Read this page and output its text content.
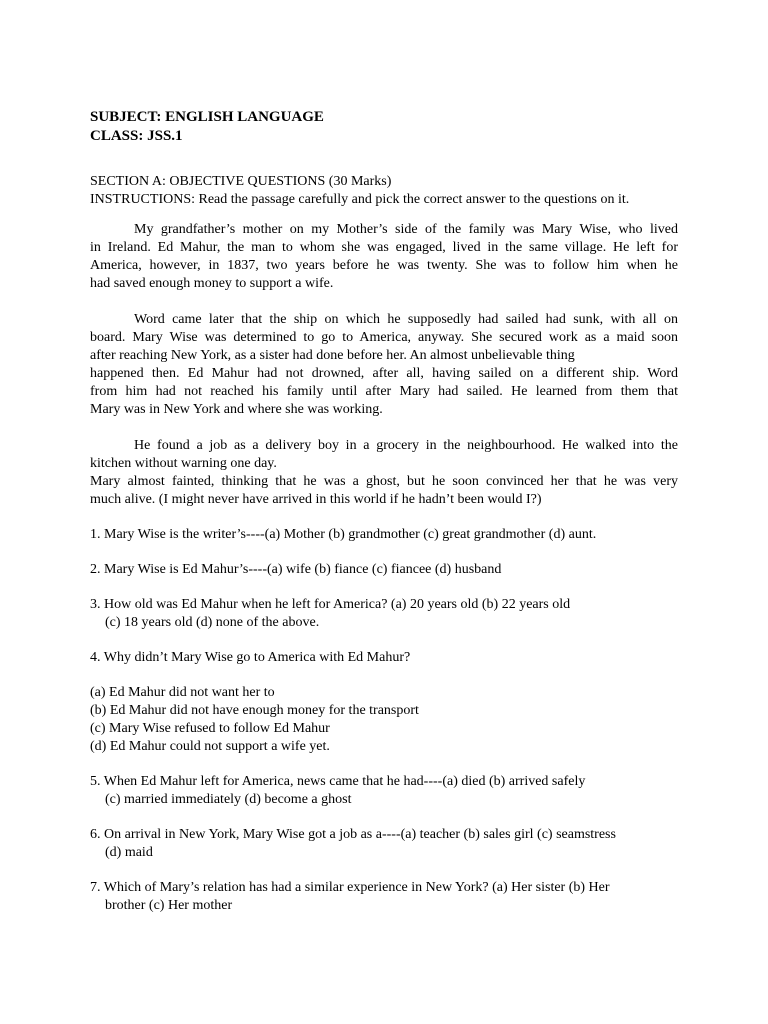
SUBJECT: ENGLISH LANGUAGE
CLASS: JSS.1
SECTION A: OBJECTIVE QUESTIONS (30 Marks)
INSTRUCTIONS: Read the passage carefully and pick the correct answer to the questions on it.
My grandfather’s mother on my Mother’s side of the family was Mary Wise, who lived
in Ireland. Ed Mahur, the man to whom she was engaged, lived in the same village. He left for
America, however, in 1837, two years before he was twenty. She was to follow him when he
had saved enough money to support a wife.
Word came later that the ship on which he supposedly had sailed had sunk, with all on
board. Mary Wise was determined to go to America, anyway. She secured work as a maid soon
after reaching New York, as a sister had done before her. An almost unbelievable thing
happened then. Ed Mahur had not drowned, after all, having sailed on a different ship. Word
from him had not reached his family until after Mary had sailed. He learned from them that
Mary was in New York and where she was working.
He found a job as a delivery boy in a grocery in the neighbourhood. He walked into the
kitchen without warning one day.
Mary almost fainted, thinking that he was a ghost, but he soon convinced her that he was very
much alive. (I might never have arrived in this world if he hadn’t been would I?)
1. Mary Wise is the writer’s----(a) Mother (b) grandmother (c) great grandmother (d) aunt.
2. Mary Wise is Ed Mahur’s----(a) wife (b) fiance (c) fiancee (d) husband
3. How old was Ed Mahur when he left for America? (a) 20 years old (b) 22 years old
(c) 18 years old (d) none of the above.
4. Why didn’t Mary Wise go to America with Ed Mahur?
(a) Ed Mahur did not want her to
(b) Ed Mahur did not have enough money for the transport
(c) Mary Wise refused to follow Ed Mahur
(d) Ed Mahur could not support a wife yet.
5. When Ed Mahur left for America, news came that he had----(a) died (b) arrived safely
(c) married immediately (d) become a ghost
6. On arrival in New York, Mary Wise got a job as a----(a) teacher (b) sales girl (c) seamstress
(d) maid
7. Which of Mary’s relation has had a similar experience in New York? (a) Her sister (b) Her
brother (c) Her mother
